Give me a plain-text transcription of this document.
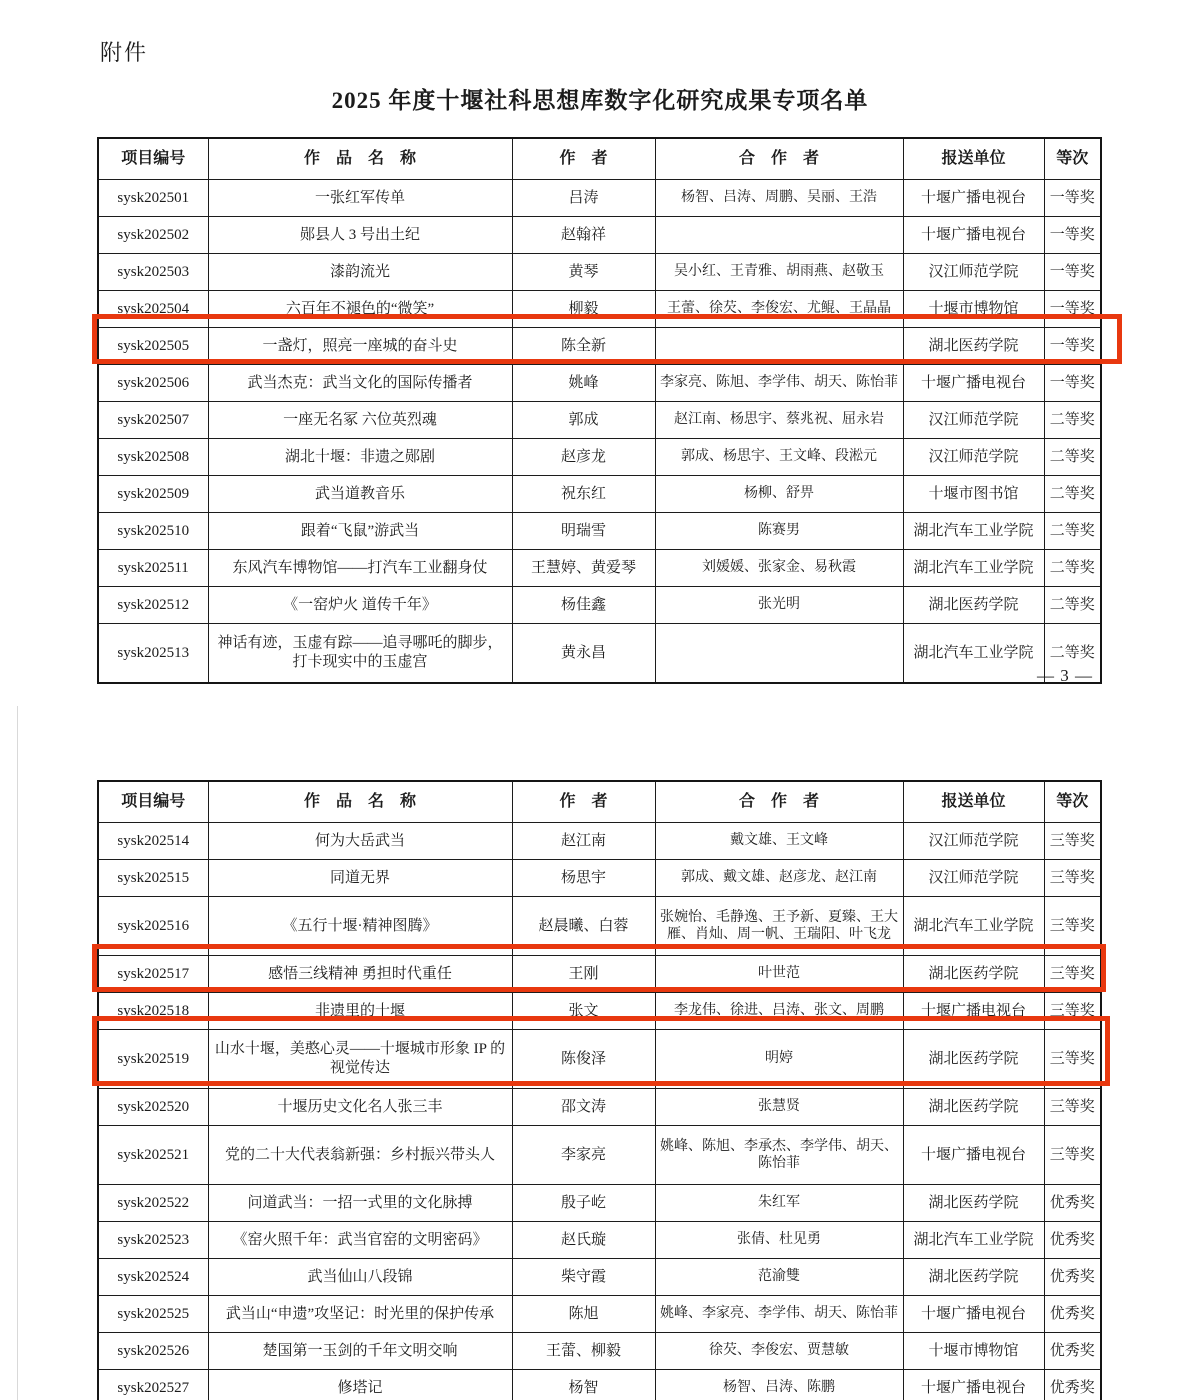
附件
2025 年度十堰社科思想库数字化研究成果专项名单
项目编号	作　品　名　称	作　者	合　作　者	报送单位	等次
sysk202501	一张红军传单	吕涛	杨智、吕涛、周鹏、吴丽、王浩	十堰广播电视台	一等奖
sysk202502	郧县人 3 号出土纪	赵翰祥		十堰广播电视台	一等奖
sysk202503	漆韵流光	黄琴	吴小红、王青雅、胡雨燕、赵敬玉	汉江师范学院	一等奖
sysk202504	六百年不褪色的“微笑”	柳毅	王蕾、徐芡、李俊宏、尤鲲、王晶晶	十堰市博物馆	一等奖
sysk202505	一盏灯，照亮一座城的奋斗史	陈全新		湖北医药学院	一等奖
sysk202506	武当杰克：武当文化的国际传播者	姚峰	李家亮、陈旭、李学伟、胡天、陈怡菲	十堰广播电视台	一等奖
sysk202507	一座无名冢 六位英烈魂	郭成	赵江南、杨思宇、蔡兆祝、屈永岩	汉江师范学院	二等奖
sysk202508	湖北十堰：非遗之郧剧	赵彦龙	郭成、杨思宇、王文峰、段淞元	汉江师范学院	二等奖
sysk202509	武当道教音乐	祝东红	杨柳、舒畀	十堰市图书馆	二等奖
sysk202510	跟着“飞鼠”游武当	明瑞雪	陈赛男	湖北汽车工业学院	二等奖
sysk202511	东风汽车博物馆——打汽车工业翻身仗	王慧婷、黄爱琴	刘媛媛、张家金、易秋霞	湖北汽车工业学院	二等奖
sysk202512	《一窑炉火 道传千年》	杨佳鑫	张光明	湖北医药学院	二等奖
sysk202513	神话有迹，玉虚有踪——追寻哪吒的脚步，打卡现实中的玉虚宫	黄永昌		湖北汽车工业学院	二等奖
— 3 —
项目编号	作　品　名　称	作　者	合　作　者	报送单位	等次
sysk202514	何为大岳武当	赵江南	戴文雄、王文峰	汉江师范学院	三等奖
sysk202515	同道无界	杨思宇	郭成、戴文雄、赵彦龙、赵江南	汉江师范学院	三等奖
sysk202516	《五行十堰·精神图腾》	赵晨曦、白蓉	张婉怡、毛静逸、王予新、夏臻、王大雁、肖灿、周一帆、王瑞阳、叶飞龙	湖北汽车工业学院	三等奖
sysk202517	感悟三线精神 勇担时代重任	王刚	叶世范	湖北医药学院	三等奖
sysk202518	非遗里的十堰	张文	李龙伟、徐进、吕涛、张文、周鹏	十堰广播电视台	三等奖
sysk202519	山水十堰，美憨心灵——十堰城市形象 IP 的视觉传达	陈俊泽	明婷	湖北医药学院	三等奖
sysk202520	十堰历史文化名人张三丰	邵文涛	张慧贤	湖北医药学院	三等奖
sysk202521	党的二十大代表翁新强：乡村振兴带头人	李家亮	姚峰、陈旭、李承杰、李学伟、胡天、陈怡菲	十堰广播电视台	三等奖
sysk202522	问道武当：一招一式里的文化脉搏	殷子屹	朱红军	湖北医药学院	优秀奖
sysk202523	《窑火照千年：武当官窑的文明密码》	赵氏璇	张倩、杜见勇	湖北汽车工业学院	优秀奖
sysk202524	武当仙山八段锦	柴守霞	范渝雙	湖北医药学院	优秀奖
sysk202525	武当山“申遗”攻坚记：时光里的保护传承	陈旭	姚峰、李家亮、李学伟、胡天、陈怡菲	十堰广播电视台	优秀奖
sysk202526	楚国第一玉剑的千年文明交响	王蕾、柳毅	徐芡、李俊宏、贾慧敏	十堰市博物馆	优秀奖
sysk202527	修塔记	杨智	杨智、吕涛、陈鹏	十堰广播电视台	优秀奖
